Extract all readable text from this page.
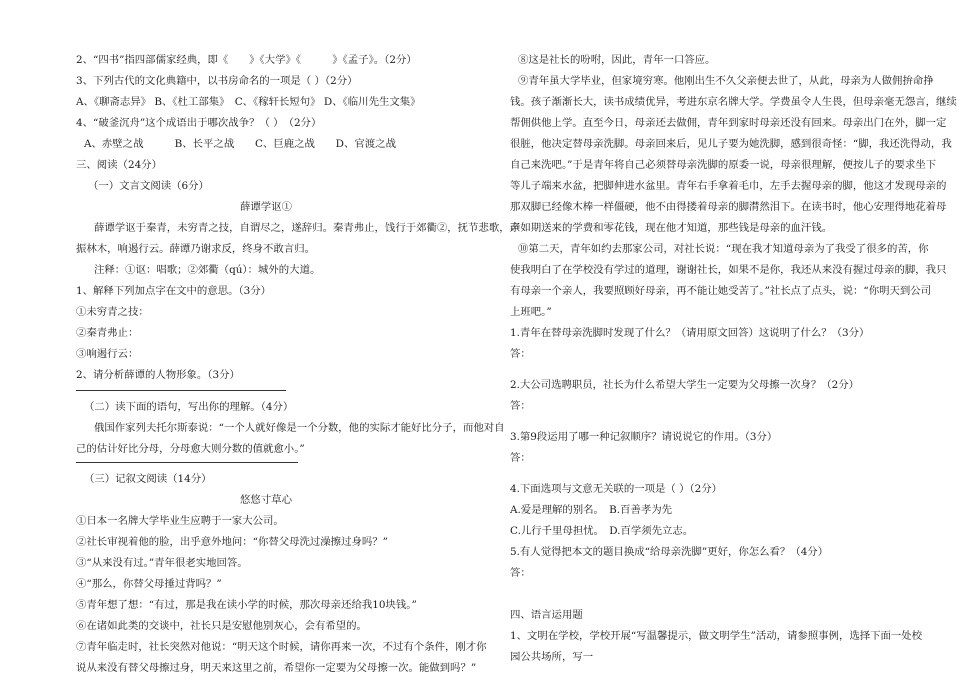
2、“四书”指四部儒家经典，即《　　》《大学》《　　　》《孟子》。（2分）
3、下列古代的文化典籍中，以书房命名的一项是（ ）（2分）
A、《聊斋志异》 B、《杜工部集》　C、《稼轩长短句》 D、《临川先生文集》
4、“破釜沉舟”这个成语出于哪次战争？（ ）　（2分）
A、赤壁之战　　　B、长平之战　　C、巨鹿之战　　D、官渡之战
三、阅读（24分）
（一）文言文阅读（6分）
薛谭学讴①
薛谭学讴于秦青，未穷青之技，自谓尽之，遂辞归。秦青弗止，饯行于郊衢②，抚节悲歌，声
振林木，响遏行云。薛谭乃谢求反，终身不敢言归。
注释：①讴：唱歌；②郊衢（qú）：城外的大道。
1、解释下列加点字在文中的意思。（3分）
①未穷青之技：
②秦青弗止：
③响遏行云：
2、请分析薛谭的人物形象。（3分）
（二）读下面的语句，写出你的理解。（4分）
俄国作家列夫托尔斯泰说：“一个人就好像是一个分数，他的实际才能好比分子，而他对自
己的估计好比分母，分母愈大则分数的值就愈小。”
（三）记叙文阅读（14分）
悠悠寸草心
①日本一名牌大学毕业生应聘于一家大公司。
②社长审视着他的脸，出乎意外地问：“你替父母洗过澡擦过身吗？”
③“从来没有过。”青年很老实地回答。
④“那么，你替父母捶过背吗？”
⑤青年想了想：“有过，那是我在读小学的时候，那次母亲还给我10块钱。”
⑥在诸如此类的交谈中，社长只是安慰他别灰心，会有希望的。
⑦青年临走时，社长突然对他说：“明天这个时候，请你再来一次，不过有个条件，刚才你
说从来没有替父母擦过身，明天来这里之前，希望你一定要为父母擦一次。能做到吗？”
⑧这是社长的吩咐，因此，青年一口答应。
⑨青年虽大学毕业，但家境穷寒。他刚出生不久父亲便去世了，从此，母亲为人做佣拚命挣
钱。孩子渐渐长大，读书成绩优异，考进东京名牌大学。学费虽令人生畏，但母亲毫无怨言，继续
帮佣供他上学。直至今日，母亲还去做佣，青年到家时母亲还没有回来。母亲出门在外，脚一定
很脏，他决定替母亲洗脚。母亲回来后，见儿子要为她洗脚，感到很奇怪：“脚，我还洗得动，我
自己来洗吧。”于是青年将自己必须替母亲洗脚的原委一说，母亲很理解，便按儿子的要求坐下
等儿子端来水盆，把脚伸进水盆里。青年右手拿着毛巾，左手去握母亲的脚，他这才发现母亲的
那双脚已经像木棒一样僵硬，他不由得搂着母亲的脚潸然泪下。在读书时，他心安理得地花着母
亲如期送来的学费和零花钱，现在他才知道，那些钱是母亲的血汗钱。
⑩第二天，青年如约去那家公司，对社长说：“现在我才知道母亲为了我受了很多的苦，你
使我明白了在学校没有学过的道理，谢谢社长，如果不是你，我还从来没有握过母亲的脚，我只
有母亲一个亲人，我要照顾好母亲，再不能让她受苦了。”社长点了点头，说：“你明天到公司
上班吧。”
1.青年在替母亲洗脚时发现了什么？（请用原文回答）这说明了什么？（3分）
答：
2.大公司选聘职员，社长为什么希望大学生一定要为父母擦一次身？（2分）
答：
3.第9段运用了哪一种记叙顺序？请说说它的作用。（3分）
答：
4.下面选项与文意无关联的一项是（ ）（2分）
A.爱是理解的别名。　B.百善孝为先
C.儿行千里母担忧。　D.百学须先立志。
5.有人觉得把本文的题目换成“给母亲洗脚”更好，你怎么看？（4分）
答：
四、语言运用题
1、文明在学校，学校开展“写温馨提示，做文明学生”活动，请参照事例，选择下面一处校
园公共场所，写一
